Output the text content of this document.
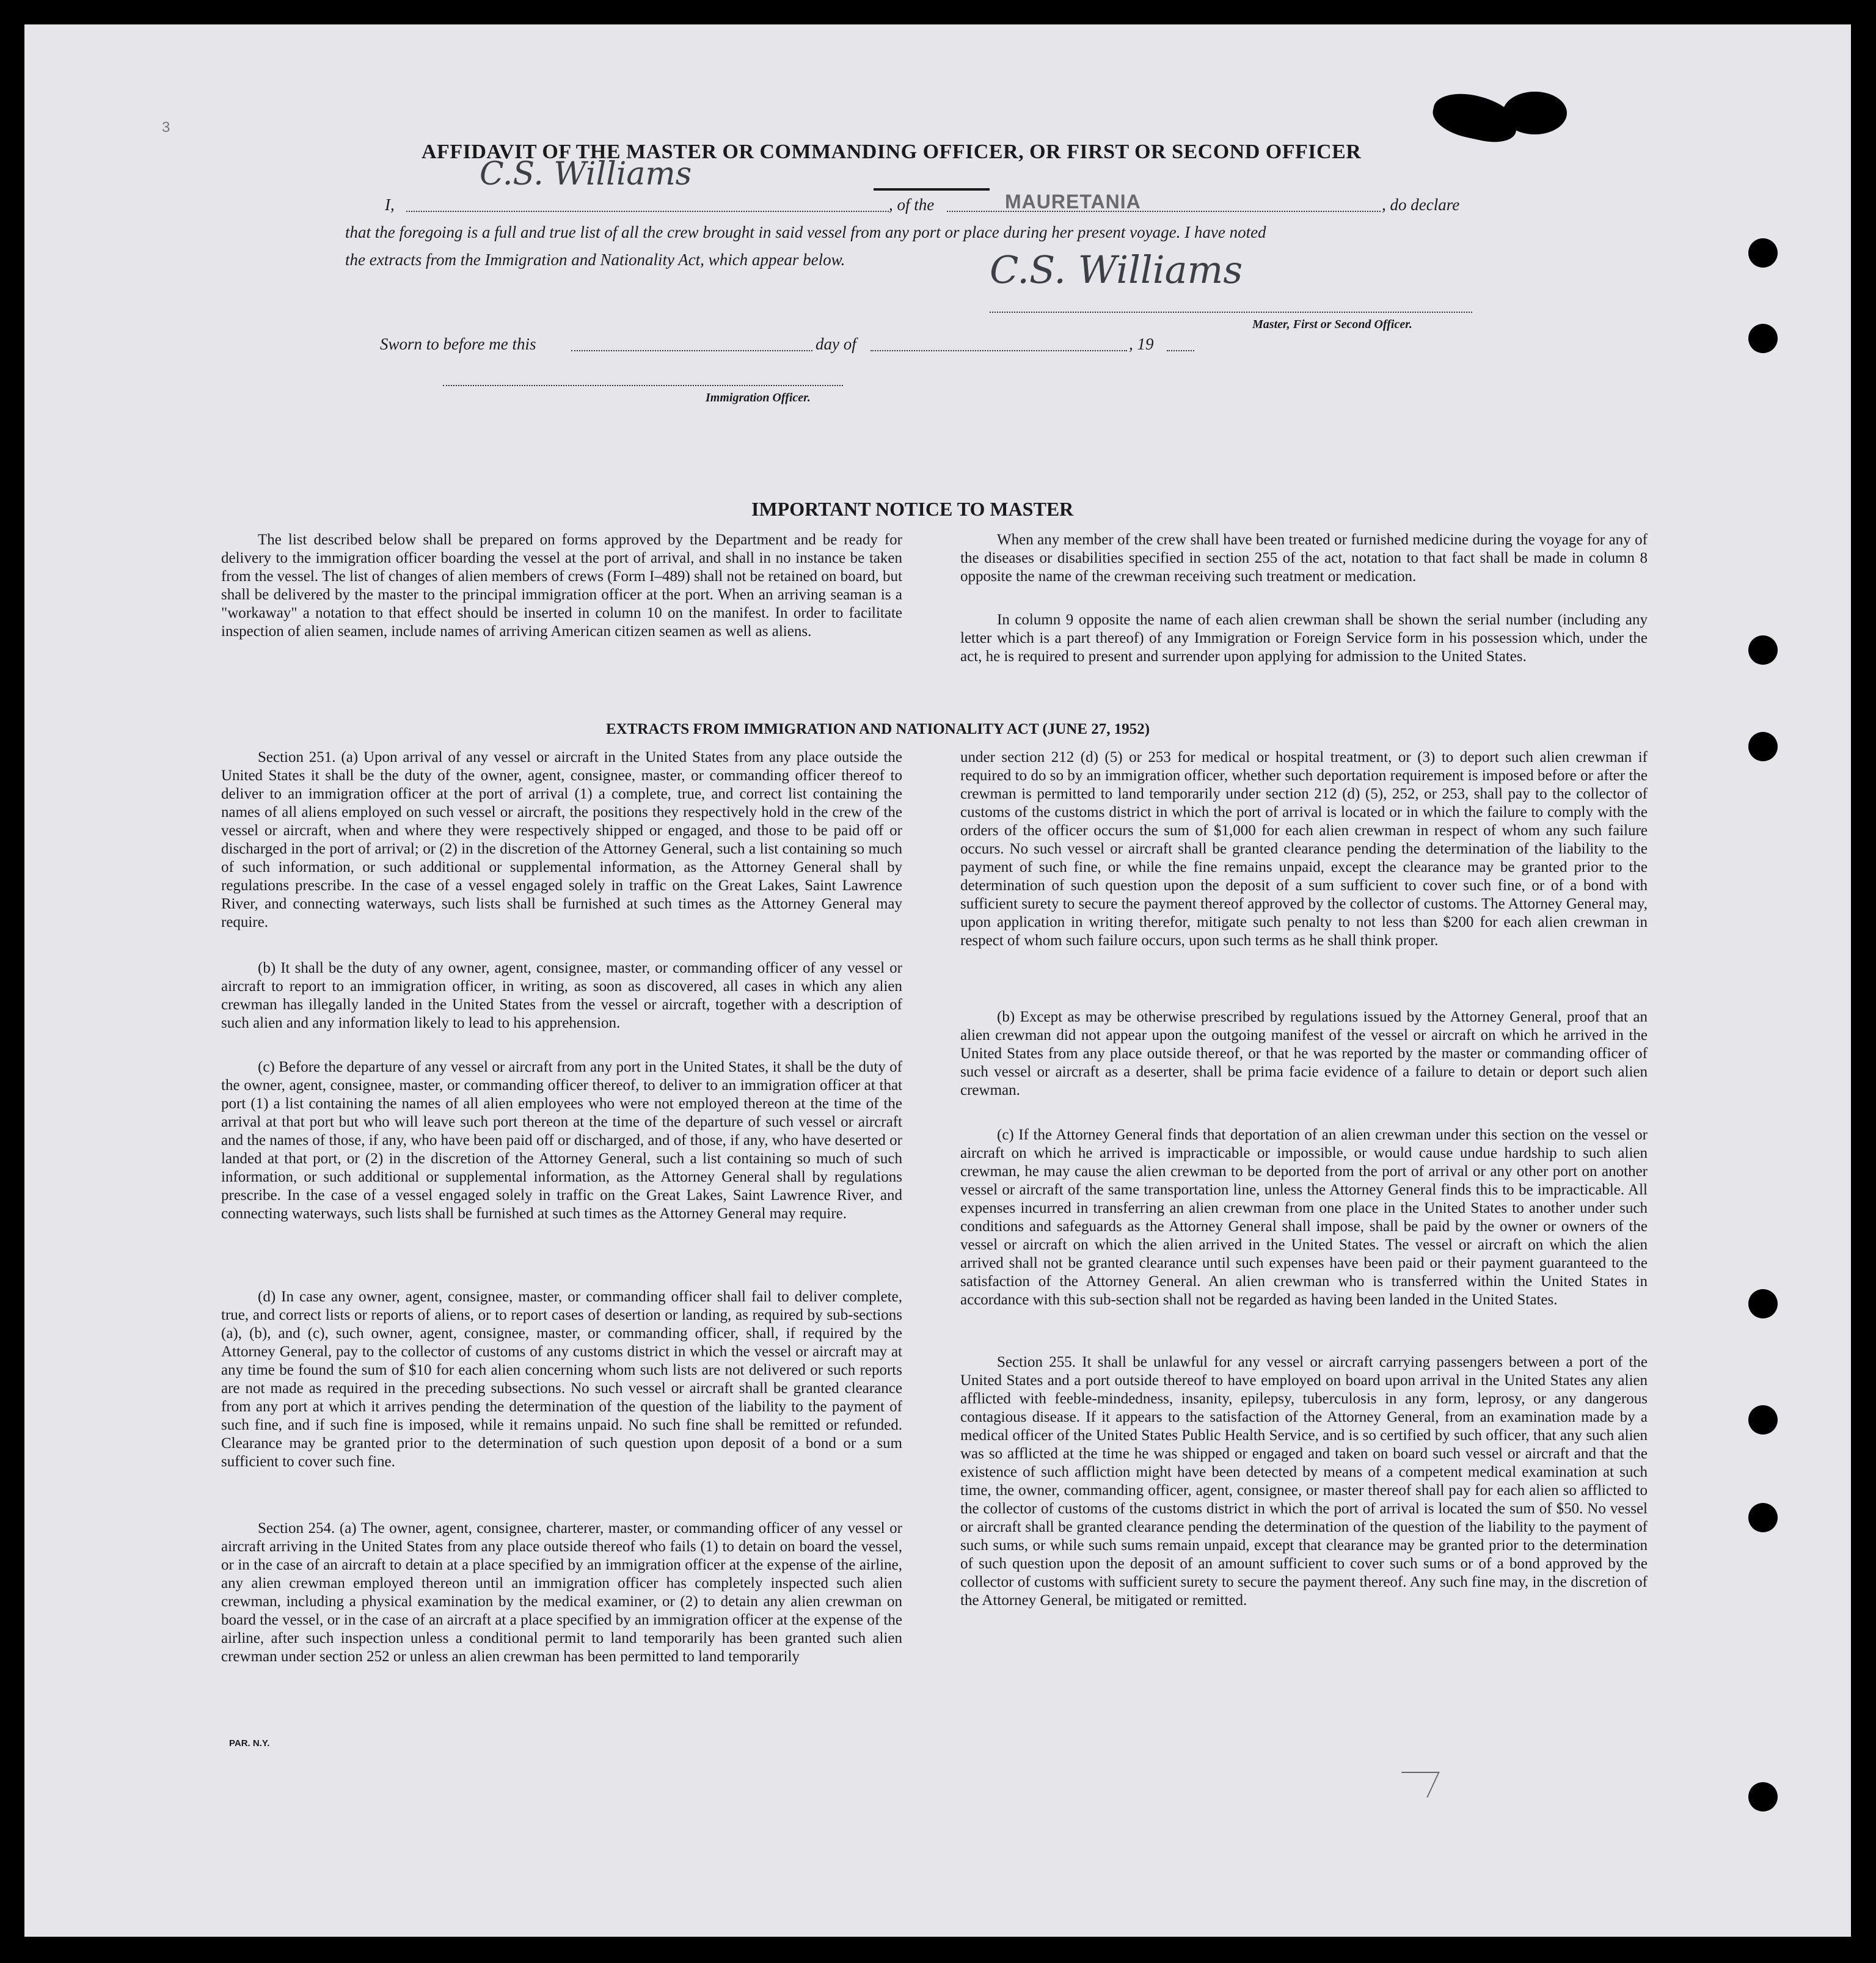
3
AFFIDAVIT OF THE MASTER OR COMMANDING OFFICER, OR FIRST OR SECOND OFFICER
C.S. Williams
I,	, of the	MAURETANIA	, do declare
that the foregoing is a full and true list of all the crew brought in said vessel from any port or place during her present voyage. I have noted
the extracts from the Immigration and Nationality Act, which appear below.	C.S. Williams
Master, First or Second Officer.
Sworn to before me this	day of	, 19
Immigration Officer.
IMPORTANT NOTICE TO MASTER

The list described below shall be prepared on forms approved by the Department and be ready for delivery to the immigration officer boarding the vessel at the port of arrival, and shall in no instance be taken from the vessel. The list of changes of alien members of crews (Form I–489) shall not be retained on board, but shall be delivered by the master to the principal immigration officer at the port. When an arriving seaman is a "workaway" a notation to that effect should be inserted in column 10 on the manifest. In order to facilitate inspection of alien seamen, include names of arriving American citizen seamen as well as aliens.

When any member of the crew shall have been treated or furnished medicine during the voyage for any of the diseases or disabilities specified in section 255 of the act, notation to that fact shall be made in column 8 opposite the name of the crewman receiving such treatment or medication.

In column 9 opposite the name of each alien crewman shall be shown the serial number (including any letter which is a part thereof) of any Immigration or Foreign Service form in his possession which, under the act, he is required to present and surrender upon applying for admission to the United States.

EXTRACTS FROM IMMIGRATION AND NATIONALITY ACT (JUNE 27, 1952)

Section 251. (a) Upon arrival of any vessel or aircraft in the United States from any place outside the United States it shall be the duty of the owner, agent, consignee, master, or commanding officer thereof to deliver to an immigration officer at the port of arrival (1) a complete, true, and correct list containing the names of all aliens employed on such vessel or aircraft, the positions they respectively hold in the crew of the vessel or aircraft, when and where they were respectively shipped or engaged, and those to be paid off or discharged in the port of arrival; or (2) in the discretion of the Attorney General, such a list containing so much of such information, or such additional or supplemental information, as the Attorney General shall by regulations prescribe. In the case of a vessel engaged solely in traffic on the Great Lakes, Saint Lawrence River, and connecting waterways, such lists shall be furnished at such times as the Attorney General may require.

(b) It shall be the duty of any owner, agent, consignee, master, or commanding officer of any vessel or aircraft to report to an immigration officer, in writing, as soon as discovered, all cases in which any alien crewman has illegally landed in the United States from the vessel or aircraft, together with a description of such alien and any information likely to lead to his apprehension.

(c) Before the departure of any vessel or aircraft from any port in the United States, it shall be the duty of the owner, agent, consignee, master, or commanding officer thereof, to deliver to an immigration officer at that port (1) a list containing the names of all alien employees who were not employed thereon at the time of the arrival at that port but who will leave such port thereon at the time of the departure of such vessel or aircraft and the names of those, if any, who have been paid off or discharged, and of those, if any, who have deserted or landed at that port, or (2) in the discretion of the Attorney General, such a list containing so much of such information, or such additional or supplemental information, as the Attorney General shall by regulations prescribe. In the case of a vessel engaged solely in traffic on the Great Lakes, Saint Lawrence River, and connecting waterways, such lists shall be furnished at such times as the Attorney General may require.

(d) In case any owner, agent, consignee, master, or commanding officer shall fail to deliver complete, true, and correct lists or reports of aliens, or to report cases of desertion or landing, as required by sub-sections (a), (b), and (c), such owner, agent, consignee, master, or commanding officer, shall, if required by the Attorney General, pay to the collector of customs of any customs district in which the vessel or aircraft may at any time be found the sum of $10 for each alien concerning whom such lists are not delivered or such reports are not made as required in the preceding subsections. No such vessel or aircraft shall be granted clearance from any port at which it arrives pending the determination of the question of the liability to the payment of such fine, and if such fine is imposed, while it remains unpaid. No such fine shall be remitted or refunded. Clearance may be granted prior to the determination of such question upon deposit of a bond or a sum sufficient to cover such fine.

Section 254. (a) The owner, agent, consignee, charterer, master, or commanding officer of any vessel or aircraft arriving in the United States from any place outside thereof who fails (1) to detain on board the vessel, or in the case of an aircraft to detain at a place specified by an immigration officer at the expense of the airline, any alien crewman employed thereon until an immigration officer has completely inspected such alien crewman, including a physical examination by the medical examiner, or (2) to detain any alien crewman on board the vessel, or in the case of an aircraft at a place specified by an immigration officer at the expense of the airline, after such inspection unless a conditional permit to land temporarily has been granted such alien crewman under section 252 or unless an alien crewman has been permitted to land temporarily

under section 212 (d) (5) or 253 for medical or hospital treatment, or (3) to deport such alien crewman if required to do so by an immigration officer, whether such deportation requirement is imposed before or after the crewman is permitted to land temporarily under section 212 (d) (5), 252, or 253, shall pay to the collector of customs of the customs district in which the port of arrival is located or in which the failure to comply with the orders of the officer occurs the sum of $1,000 for each alien crewman in respect of whom any such failure occurs. No such vessel or aircraft shall be granted clearance pending the determination of the liability to the payment of such fine, or while the fine remains unpaid, except the clearance may be granted prior to the determination of such question upon the deposit of a sum sufficient to cover such fine, or of a bond with sufficient surety to secure the payment thereof approved by the collector of customs. The Attorney General may, upon application in writing therefor, mitigate such penalty to not less than $200 for each alien crewman in respect of whom such failure occurs, upon such terms as he shall think proper.

(b) Except as may be otherwise prescribed by regulations issued by the Attorney General, proof that an alien crewman did not appear upon the outgoing manifest of the vessel or aircraft on which he arrived in the United States from any place outside thereof, or that he was reported by the master or commanding officer of such vessel or aircraft as a deserter, shall be prima facie evidence of a failure to detain or deport such alien crewman.

(c) If the Attorney General finds that deportation of an alien crewman under this section on the vessel or aircraft on which he arrived is impracticable or impossible, or would cause undue hardship to such alien crewman, he may cause the alien crewman to be deported from the port of arrival or any other port on another vessel or aircraft of the same transportation line, unless the Attorney General finds this to be impracticable. All expenses incurred in transferring an alien crewman from one place in the United States to another under such conditions and safeguards as the Attorney General shall impose, shall be paid by the owner or owners of the vessel or aircraft on which the alien arrived in the United States. The vessel or aircraft on which the alien arrived shall not be granted clearance until such expenses have been paid or their payment guaranteed to the satisfaction of the Attorney General. An alien crewman who is transferred within the United States in accordance with this sub-section shall not be regarded as having been landed in the United States.

Section 255. It shall be unlawful for any vessel or aircraft carrying passengers between a port of the United States and a port outside thereof to have employed on board upon arrival in the United States any alien afflicted with feeble-mindedness, insanity, epilepsy, tuberculosis in any form, leprosy, or any dangerous contagious disease. If it appears to the satisfaction of the Attorney General, from an examination made by a medical officer of the United States Public Health Service, and is so certified by such officer, that any such alien was so afflicted at the time he was shipped or engaged and taken on board such vessel or aircraft and that the existence of such affliction might have been detected by means of a competent medical examination at such time, the owner, commanding officer, agent, consignee, or master thereof shall pay for each alien so afflicted to the collector of customs of the customs district in which the port of arrival is located the sum of $50. No vessel or aircraft shall be granted clearance pending the determination of the question of the liability to the payment of such sums, or while such sums remain unpaid, except that clearance may be granted prior to the determination of such question upon the deposit of an amount sufficient to cover such sums or of a bond approved by the collector of customs with sufficient surety to secure the payment thereof. Any such fine may, in the discretion of the Attorney General, be mitigated or remitted.

PAR. N.Y.
